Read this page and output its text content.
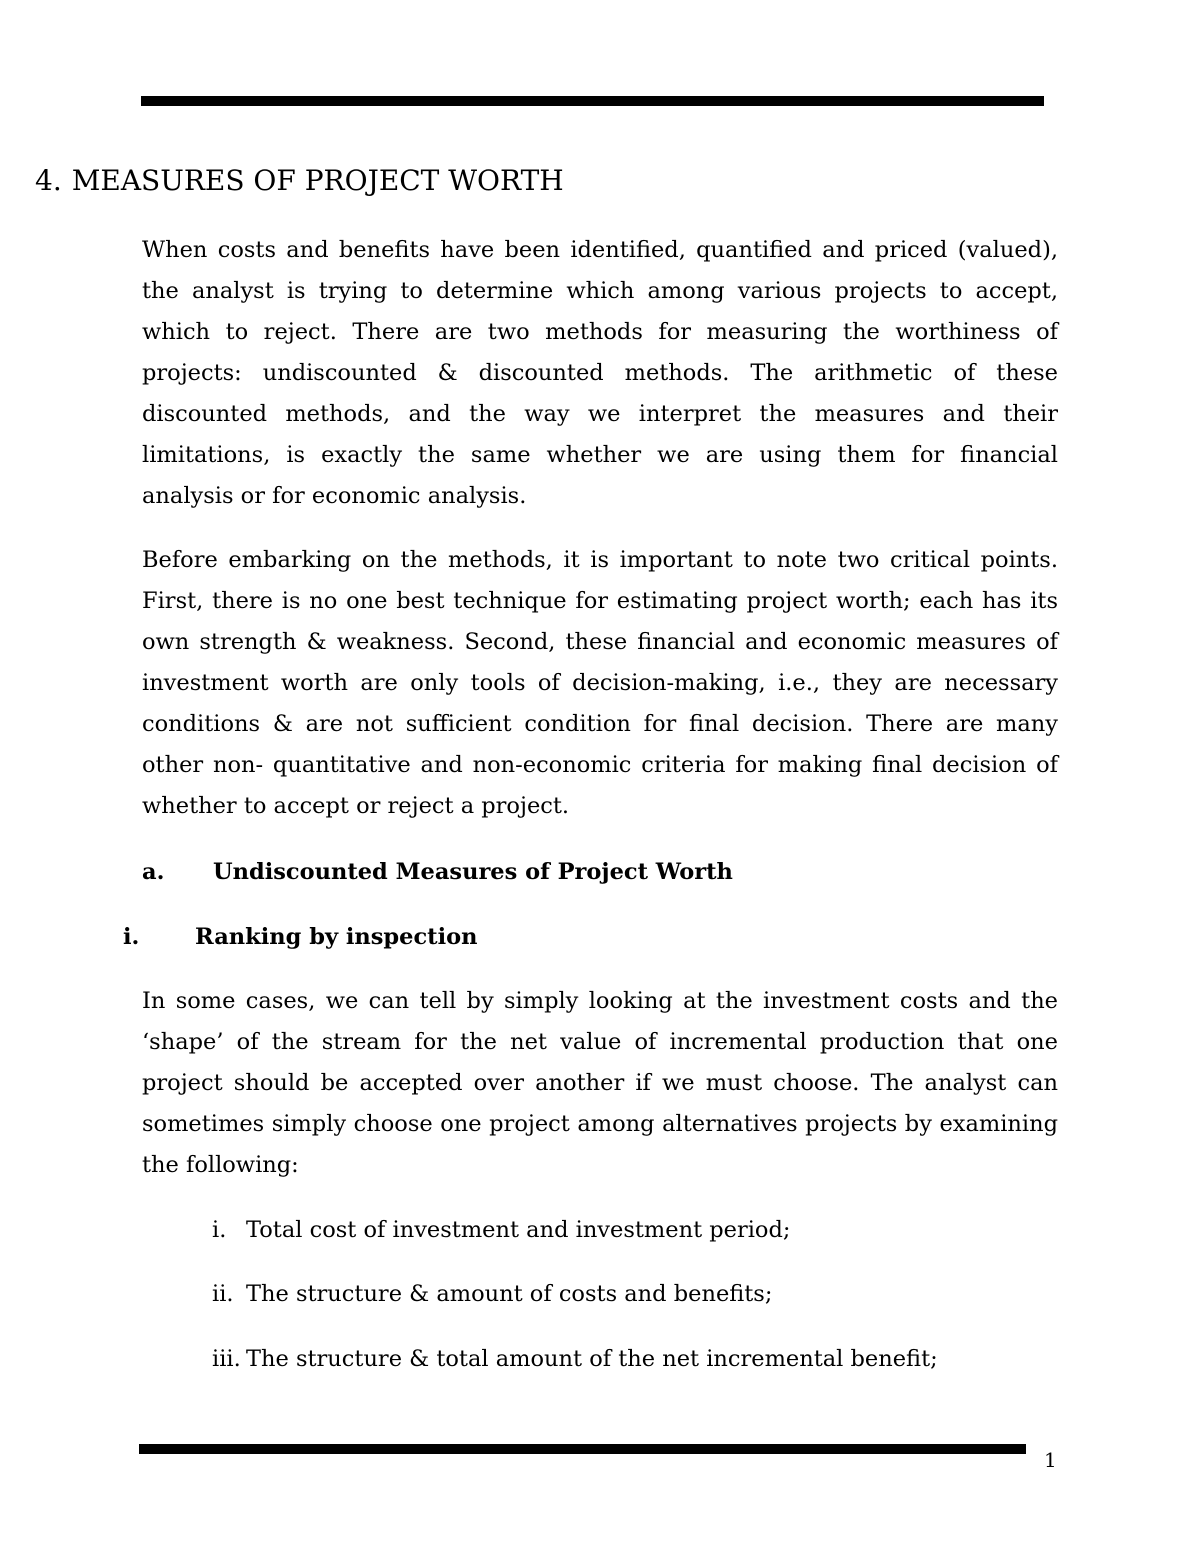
4. MEASURES OF PROJECT WORTH

When costs and benefits have been identified, quantified and priced (valued), the analyst is trying to determine which among various projects to accept, which to reject. There are two methods for measuring the worthiness of projects: undiscounted & discounted methods. The arithmetic of these discounted methods, and the way we interpret the measures and their limitations, is exactly the same whether we are using them for financial analysis or for economic analysis.

Before embarking on the methods, it is important to note two critical points. First, there is no one best technique for estimating project worth; each has its own strength & weakness. Second, these financial and economic measures of investment worth are only tools of decision-making, i.e., they are necessary conditions & are not sufficient condition for final decision. There are many other non- quantitative and non-economic criteria for making final decision of whether to accept or reject a project.

In some cases, we can tell by simply looking at the investment costs and the ‘shape’ of the stream for the net value of incremental production that one project should be accepted over another if we must choose. The analyst can sometimes simply choose one project among alternatives projects by examining the following:

a. Undiscounted Measures of Project Worth
i. Ranking by inspection
i. Total cost of investment and investment period;
ii. The structure & amount of costs and benefits;
iii. The structure & total amount of the net incremental benefit;
1
